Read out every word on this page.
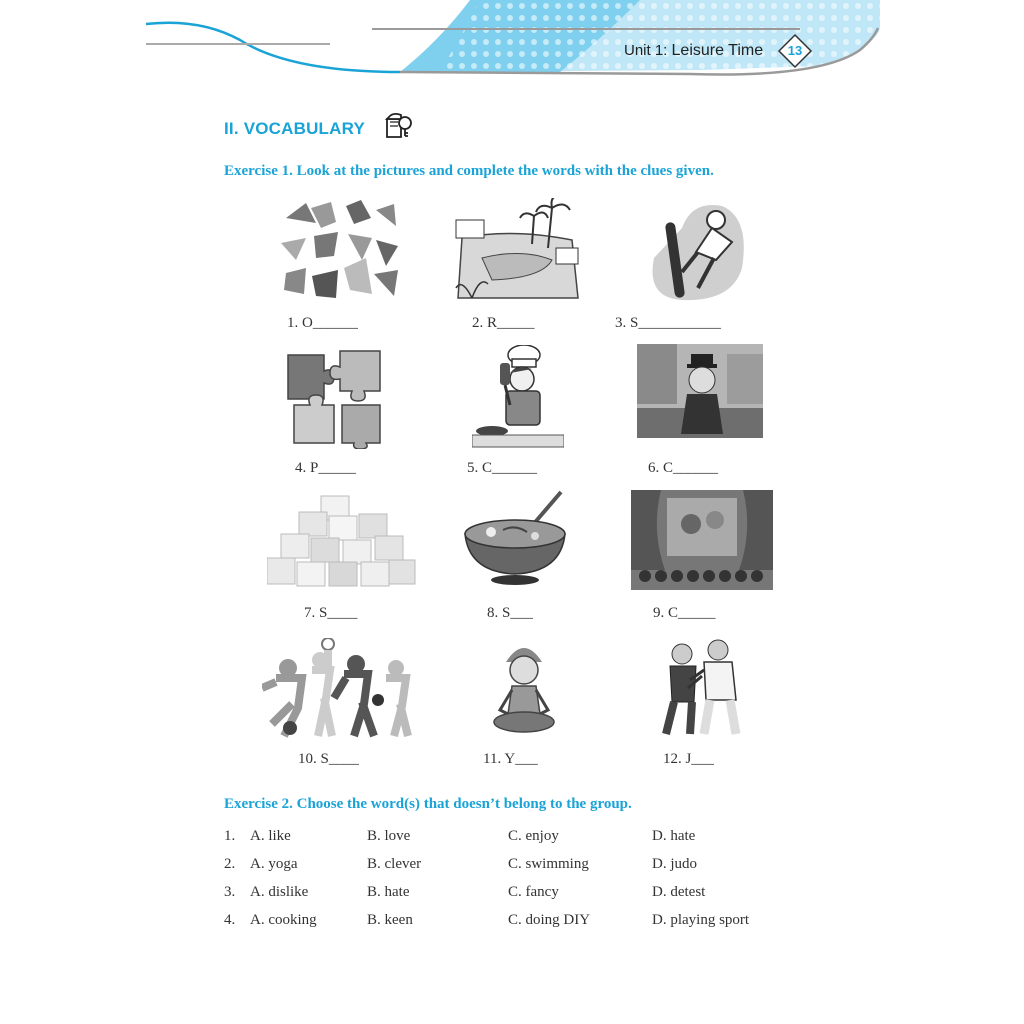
Unit 1: Leisure Time	13
II. VOCABULARY
Exercise 1. Look at the pictures and complete the words with the clues given.
1. O______	2. R_____	3. S___________
4. P_____	5. C______	6. C______
7. S____	8. S___	9. C_____
10. S____	11. Y___	12. J___
Exercise 2. Choose the word(s) that doesn’t belong to the group.
1. A. like	B. love	C. enjoy	D. hate
2. A. yoga	B. clever	C. swimming	D. judo
3. A. dislike	B. hate	C. fancy	D. detest
4. A. cooking	B. keen	C. doing DIY	D. playing sport
